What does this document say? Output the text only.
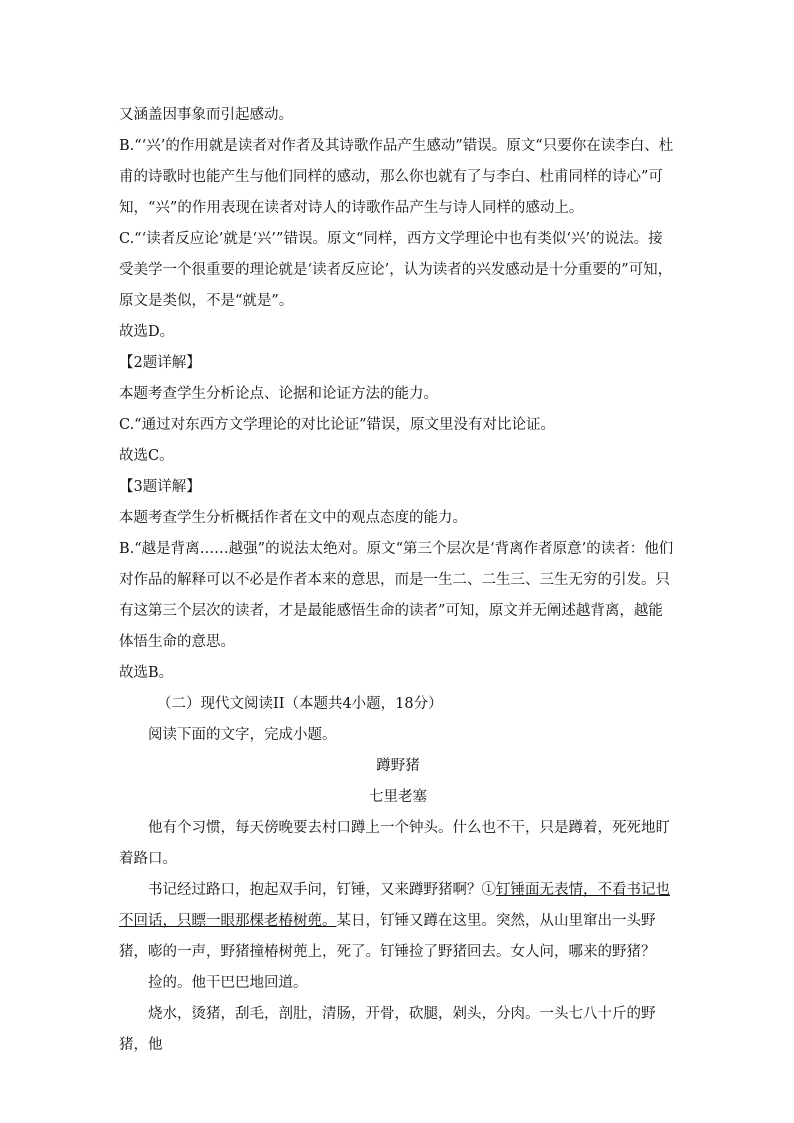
又涵盖因事象而引起感动。

B.“‘兴’的作用就是读者对作者及其诗歌作品产生感动”错误。原文“只要你在读李白、杜甫的诗歌时也能产生与他们同样的感动，那么你也就有了与李白、杜甫同样的诗心”可知，“兴”的作用表现在读者对诗人的诗歌作品产生与诗人同样的感动上。

C.“‘读者反应论’就是‘兴’”错误。原文“同样，西方文学理论中也有类似‘兴’的说法。接受美学一个很重要的理论就是‘读者反应论’，认为读者的兴发感动是十分重要的”可知，原文是类似，不是“就是”。

故选D。

【2题详解】

本题考查学生分析论点、论据和论证方法的能力。

C.“通过对东西方文学理论的对比论证”错误，原文里没有对比论证。

故选C。

【3题详解】

本题考查学生分析概括作者在文中的观点态度的能力。

B.“越是背离……越强”的说法太绝对。原文“第三个层次是‘背离作者原意’的读者：他们对作品的解释可以不必是作者本来的意思，而是一生二、二生三、三生无穷的引发。只有这第三个层次的读者，才是最能感悟生命的读者”可知，原文并无阐述越背离，越能体悟生命的意思。

故选B。

（二）现代文阅读II（本题共4小题，18分）

阅读下面的文字，完成小题。

蹲野猪

七里老塞

他有个习惯，每天傍晚要去村口蹲上一个钟头。什么也不干，只是蹲着，死死地盯着路口。

书记经过路口，抱起双手问，钉锤，又来蹲野猪啊？①钉锤面无表情，不看书记也不回话，只瞟一眼那棵老椿树蔸。某日，钉锤又蹲在这里。突然，从山里窜出一头野猪，嘭的一声，野猪撞椿树蔸上，死了。钉锤捡了野猪回去。女人问，哪来的野猪？

捡的。他干巴巴地回道。

烧水，烫猪，刮毛，剖肚，清肠，开骨，砍腿，剁头，分肉。一头七八十斤的野猪，他
